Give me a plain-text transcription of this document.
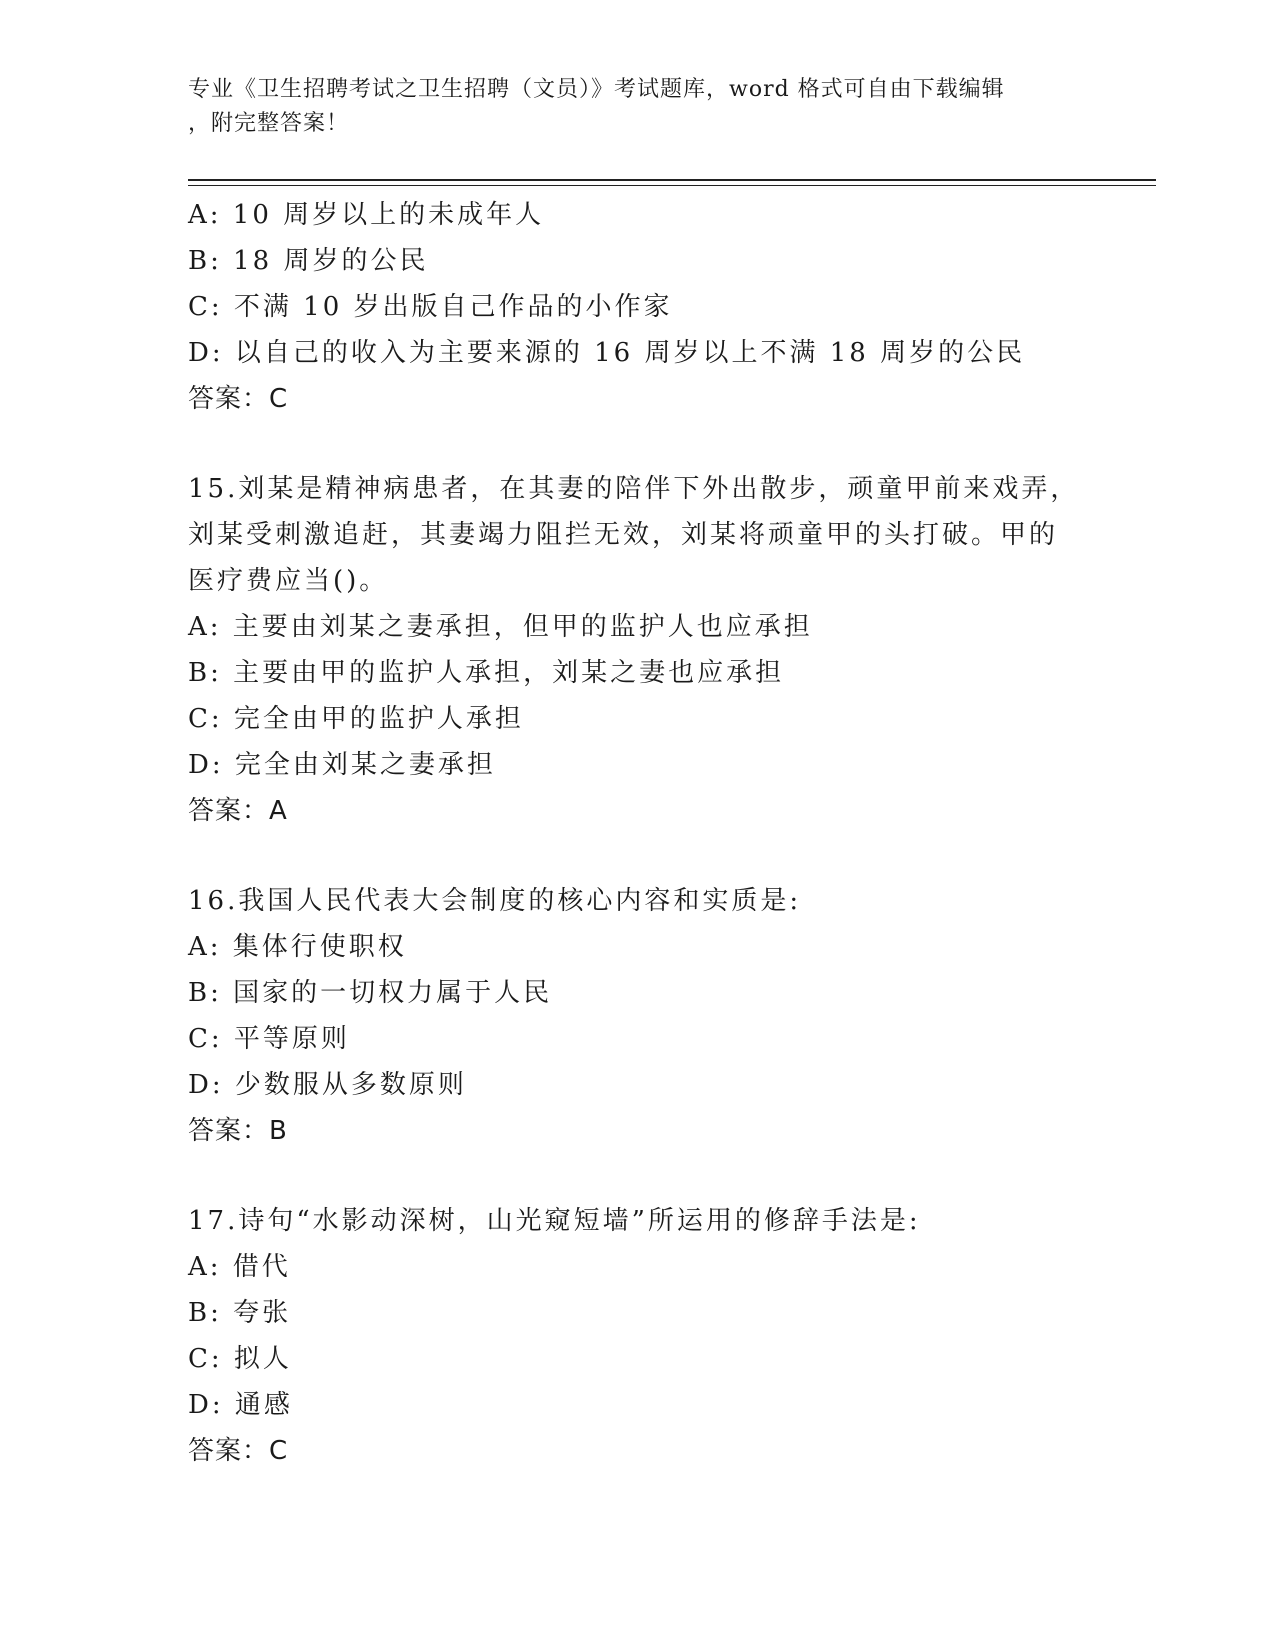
专业《卫生招聘考试之卫生招聘（文员）》考试题库，word 格式可自由下载编辑
，附完整答案！
A: 10 周岁以上的未成年人
B: 18 周岁的公民
C: 不满 10 岁出版自己作品的小作家
D: 以自己的收入为主要来源的 16 周岁以上不满 18 周岁的公民
答案：C
15.刘某是精神病患者，在其妻的陪伴下外出散步，顽童甲前来戏弄，
刘某受刺激追赶，其妻竭力阻拦无效，刘某将顽童甲的头打破。甲的
医疗费应当()。
A: 主要由刘某之妻承担，但甲的监护人也应承担
B: 主要由甲的监护人承担，刘某之妻也应承担
C: 完全由甲的监护人承担
D: 完全由刘某之妻承担
答案：A
16.我国人民代表大会制度的核心内容和实质是:
A: 集体行使职权
B: 国家的一切权力属于人民
C: 平等原则
D: 少数服从多数原则
答案：B
17.诗句“水影动深树，山光窥短墙”所运用的修辞手法是:
A: 借代
B: 夸张
C: 拟人
D: 通感
答案：C
